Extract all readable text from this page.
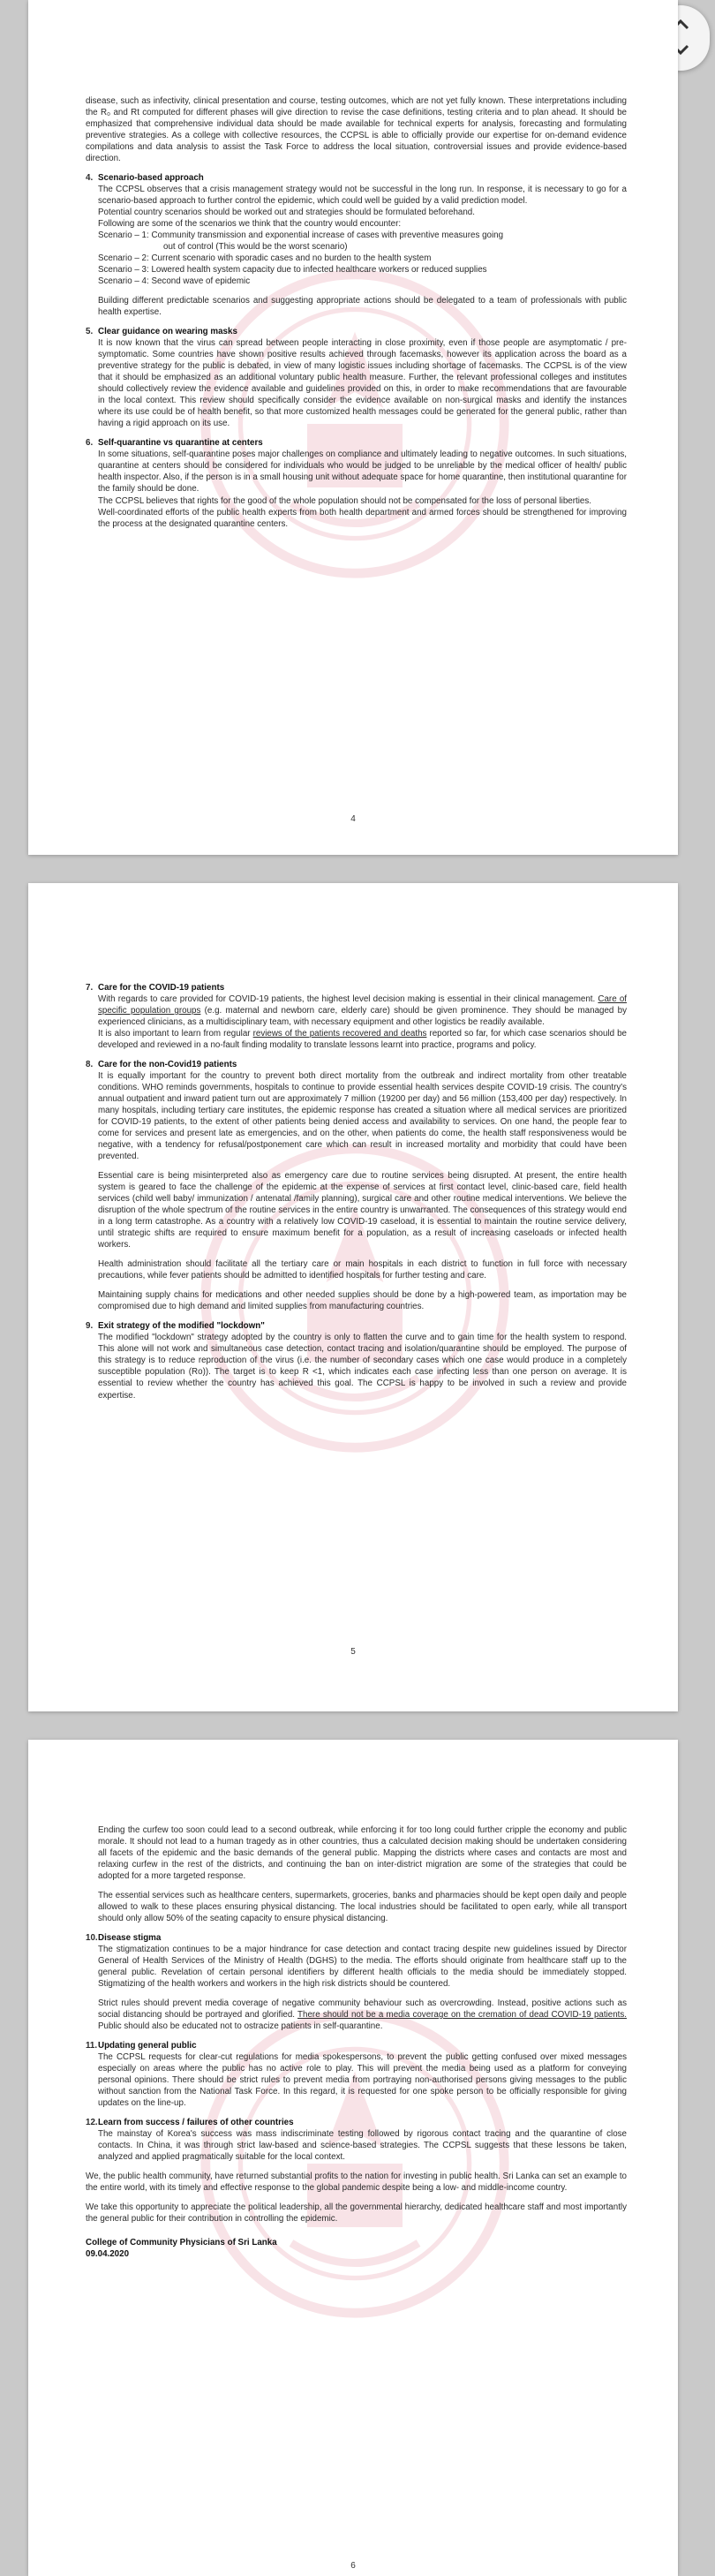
disease, such as infectivity, clinical presentation and course, testing outcomes, which are not yet fully known. These interpretations including the R₀ and Rt computed for different phases will give direction to revise the case definitions, testing criteria and to plan ahead. It should be emphasized that comprehensive individual data should be made available for technical experts for analysis, forecasting and formulating preventive strategies. As a college with collective resources, the CCPSL is able to officially provide our expertise for on-demand evidence compilations and data analysis to assist the Task Force to address the local situation, controversial issues and provide evidence-based direction.

4. Scenario-based approach

The CCPSL observes that a crisis management strategy would not be successful in the long run. In response, it is necessary to go for a scenario-based approach to further control the epidemic, which could well be guided by a valid prediction model.

Potential country scenarios should be worked out and strategies should be formulated beforehand.

Following are some of the scenarios we think that the country would encounter:

Scenario – 1: Community transmission and exponential increase of cases with preventive measures going

out of control (This would be the worst scenario)

Scenario – 2: Current scenario with sporadic cases and no burden to the health system

Scenario – 3: Lowered health system capacity due to infected healthcare workers or reduced supplies

Scenario – 4: Second wave of epidemic

Building different predictable scenarios and suggesting appropriate actions should be delegated to a team of professionals with public health expertise.

5. Clear guidance on wearing masks

It is now known that the virus can spread between people interacting in close proximity, even if those people are asymptomatic / pre-symptomatic. Some countries have shown positive results achieved through facemasks, however its application across the board as a preventive strategy for the public is debated, in view of many logistic issues including shortage of facemasks. The CCPSL is of the view that it should be emphasized as an additional voluntary public health measure. Further, the relevant professional colleges and institutes should collectively review the evidence available and guidelines provided on this, in order to make recommendations that are favourable in the local context. This review should specifically consider the evidence available on non-surgical masks and identify the instances where its use could be of health benefit, so that more customized health messages could be generated for the general public, rather than having a rigid approach on its use.

6. Self-quarantine vs quarantine at centers

In some situations, self-quarantine poses major challenges on compliance and ultimately leading to negative outcomes. In such situations, quarantine at centers should be considered for individuals who would be judged to be unreliable by the medical officer of health/ public health inspector. Also, if the person is in a small housing unit without adequate space for home quarantine, then institutional quarantine for the family should be done.

The CCPSL believes that rights for the good of the whole population should not be compensated for the loss of personal liberties.

Well-coordinated efforts of the public health experts from both health department and armed forces should be strengthened for improving the process at the designated quarantine centers.

4

7. Care for the COVID-19 patients

With regards to care provided for COVID-19 patients, the highest level decision making is essential in their clinical management. Care of specific population groups (e.g. maternal and newborn care, elderly care) should be given prominence. They should be managed by experienced clinicians, as a multidisciplinary team, with necessary equipment and other logistics be readily available.

It is also important to learn from regular reviews of the patients recovered and deaths reported so far, for which case scenarios should be developed and reviewed in a no-fault finding modality to translate lessons learnt into practice, programs and policy.

8. Care for the non-Covid19 patients

It is equally important for the country to prevent both direct mortality from the outbreak and indirect mortality from other treatable conditions. WHO reminds governments, hospitals to continue to provide essential health services despite COVID-19 crisis. The country's annual outpatient and inward patient turn out are approximately 7 million (19200 per day) and 56 million (153,400 per day) respectively. In many hospitals, including tertiary care institutes, the epidemic response has created a situation where all medical services are prioritized for COVID-19 patients, to the extent of other patients being denied access and availability to services. On one hand, the people fear to come for services and present late as emergencies, and on the other, when patients do come, the health staff responsiveness would be negative, with a tendency for refusal/postponement care which can result in increased mortality and morbidity that could have been prevented.

Essential care is being misinterpreted also as emergency care due to routine services being disrupted. At present, the entire health system is geared to face the challenge of the epidemic at the expense of services at first contact level, clinic-based care, field health services (child well baby/ immunization / antenatal /family planning), surgical care and other routine medical interventions. We believe the disruption of the whole spectrum of the routine services in the entire country is unwarranted. The consequences of this strategy would end in a long term catastrophe. As a country with a relatively low COVID-19 caseload, it is essential to maintain the routine service delivery, until strategic shifts are required to ensure maximum benefit for a population, as a result of increasing caseloads or infected health workers.

Health administration should facilitate all the tertiary care or main hospitals in each district to function in full force with necessary precautions, while fever patients should be admitted to identified hospitals for further testing and care.

Maintaining supply chains for medications and other needed supplies should be done by a high-powered team, as importation may be compromised due to high demand and limited supplies from manufacturing countries.

9. Exit strategy of the modified "lockdown"

The modified "lockdown" strategy adopted by the country is only to flatten the curve and to gain time for the health system to respond. This alone will not work and simultaneous case detection, contact tracing and isolation/quarantine should be employed. The purpose of this strategy is to reduce reproduction of the virus (i.e. the number of secondary cases which one case would produce in a completely susceptible population (Ro)). The target is to keep R <1, which indicates each case infecting less than one person on average. It is essential to review whether the country has achieved this goal. The CCPSL is happy to be involved in such a review and provide expertise.

5

Ending the curfew too soon could lead to a second outbreak, while enforcing it for too long could further cripple the economy and public morale. It should not lead to a human tragedy as in other countries, thus a calculated decision making should be undertaken considering all facets of the epidemic and the basic demands of the general public. Mapping the districts where cases and contacts are most and relaxing curfew in the rest of the districts, and continuing the ban on inter-district migration are some of the strategies that could be adopted for a more targeted response.

The essential services such as healthcare centers, supermarkets, groceries, banks and pharmacies should be kept open daily and people allowed to walk to these places ensuring physical distancing. The local industries should be facilitated to open early, while all transport should only allow 50% of the seating capacity to ensure physical distancing.

10.Disease stigma

The stigmatization continues to be a major hindrance for case detection and contact tracing despite new guidelines issued by Director General of Health Services of the Ministry of Health (DGHS) to the media. The efforts should originate from healthcare staff up to the general public. Revelation of certain personal identifiers by different health officials to the media should be immediately stopped. Stigmatizing of the health workers and workers in the high risk districts should be countered.

Strict rules should prevent media coverage of negative community behaviour such as overcrowding. Instead, positive actions such as social distancing should be portrayed and glorified. There should not be a media coverage on the cremation of dead COVID-19 patients. Public should also be educated not to ostracize patients in self-quarantine.

11.Updating general public

The CCPSL requests for clear-cut regulations for media spokespersons, to prevent the public getting confused over mixed messages especially on areas where the public has no active role to play. This will prevent the media being used as a platform for conveying personal opinions. There should be strict rules to prevent media from portraying non-authorised persons giving messages to the public without sanction from the National Task Force. In this regard, it is requested for one spoke person to be officially responsible for giving updates on the line-up.

12.Learn from success / failures of other countries

The mainstay of Korea's success was mass indiscriminate testing followed by rigorous contact tracing and the quarantine of close contacts. In China, it was through strict law-based and science-based strategies. The CCPSL suggests that these lessons be taken, analyzed and applied pragmatically suitable for the local context.

We, the public health community, have returned substantial profits to the nation for investing in public health. Sri Lanka can set an example to the entire world, with its timely and effective response to the global pandemic despite being a low- and middle-income country.

We take this opportunity to appreciate the political leadership, all the governmental hierarchy, dedicated healthcare staff and most importantly the general public for their contribution in controlling the epidemic.

College of Community Physicians of Sri Lanka
09.04.2020
6
